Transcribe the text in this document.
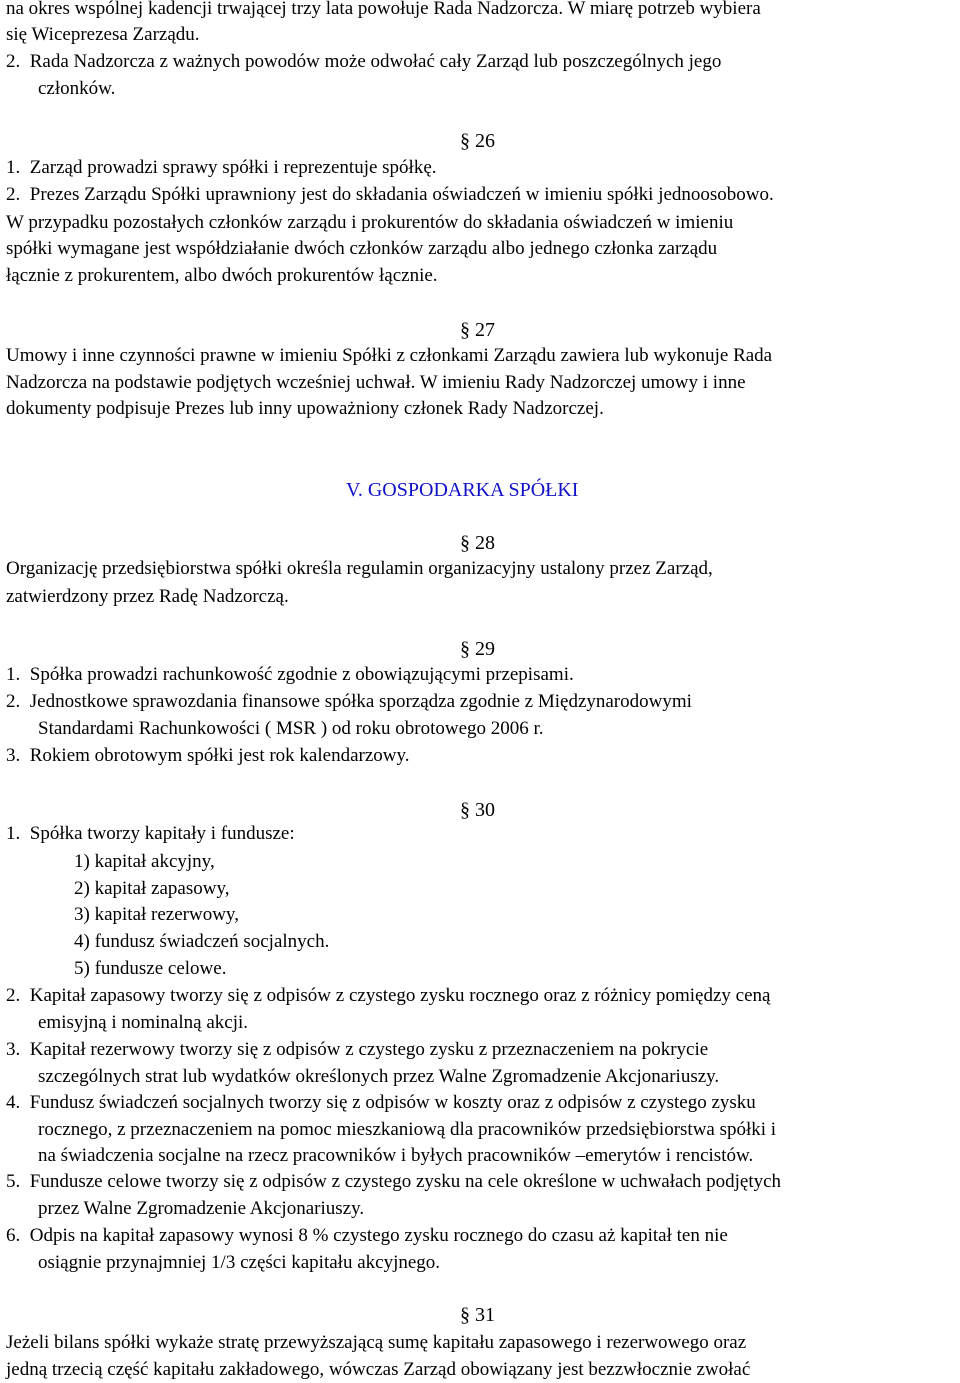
na okres wspólnej kadencji trwającej trzy lata powołuje Rada Nadzorcza. W miarę potrzeb wybiera
się Wiceprezesa Zarządu.
2.  Rada Nadzorcza z ważnych powodów może odwołać cały Zarząd lub poszczególnych jego
członków.
§ 26
1.  Zarząd prowadzi sprawy spółki i reprezentuje spółkę.
2.  Prezes Zarządu Spółki uprawniony jest do składania oświadczeń w imieniu spółki jednoosobowo.
W przypadku pozostałych członków zarządu i prokurentów do składania oświadczeń w imieniu
spółki wymagane jest współdziałanie dwóch członków zarządu albo jednego członka zarządu
łącznie z prokurentem, albo dwóch prokurentów łącznie.
§ 27
Umowy i inne czynności prawne w imieniu Spółki z członkami Zarządu zawiera lub wykonuje Rada
Nadzorcza na podstawie podjętych wcześniej uchwał. W imieniu Rady Nadzorczej umowy i inne
dokumenty podpisuje Prezes lub inny upoważniony członek Rady Nadzorczej.
V. GOSPODARKA SPÓŁKI
§ 28
Organizację przedsiębiorstwa spółki określa regulamin organizacyjny ustalony przez Zarząd,
zatwierdzony przez Radę Nadzorczą.
§ 29
1.  Spółka prowadzi rachunkowość zgodnie z obowiązującymi przepisami.
2.  Jednostkowe sprawozdania finansowe spółka sporządza zgodnie z Międzynarodowymi
Standardami Rachunkowości ( MSR ) od roku obrotowego 2006 r.
3.  Rokiem obrotowym spółki jest rok kalendarzowy.
§ 30
1.  Spółka tworzy kapitały i fundusze:
1) kapitał akcyjny,
2) kapitał zapasowy,
3) kapitał rezerwowy,
4) fundusz świadczeń socjalnych.
5) fundusze celowe.
2.  Kapitał zapasowy tworzy się z odpisów z czystego zysku rocznego oraz z różnicy pomiędzy ceną
emisyjną i nominalną akcji.
3.  Kapitał rezerwowy tworzy się z odpisów z czystego zysku z przeznaczeniem na pokrycie
szczególnych strat lub wydatków określonych przez Walne Zgromadzenie Akcjonariuszy.
4.  Fundusz świadczeń socjalnych tworzy się z odpisów w koszty oraz z odpisów z czystego zysku
rocznego, z przeznaczeniem na pomoc mieszkaniową dla pracowników przedsiębiorstwa spółki i
na świadczenia socjalne na rzecz pracowników i byłych pracowników –emerytów i rencistów.
5.  Fundusze celowe tworzy się z odpisów z czystego zysku na cele określone w uchwałach podjętych
przez Walne Zgromadzenie Akcjonariuszy.
6.  Odpis na kapitał zapasowy wynosi 8 % czystego zysku rocznego do czasu aż kapitał ten nie
osiągnie przynajmniej 1/3 części kapitału akcyjnego.
§ 31
Jeżeli bilans spółki wykaże stratę przewyższającą sumę kapitału zapasowego i rezerwowego oraz
jedną trzecią część kapitału zakładowego, wówczas Zarząd obowiązany jest bezzwłocznie zwołać
